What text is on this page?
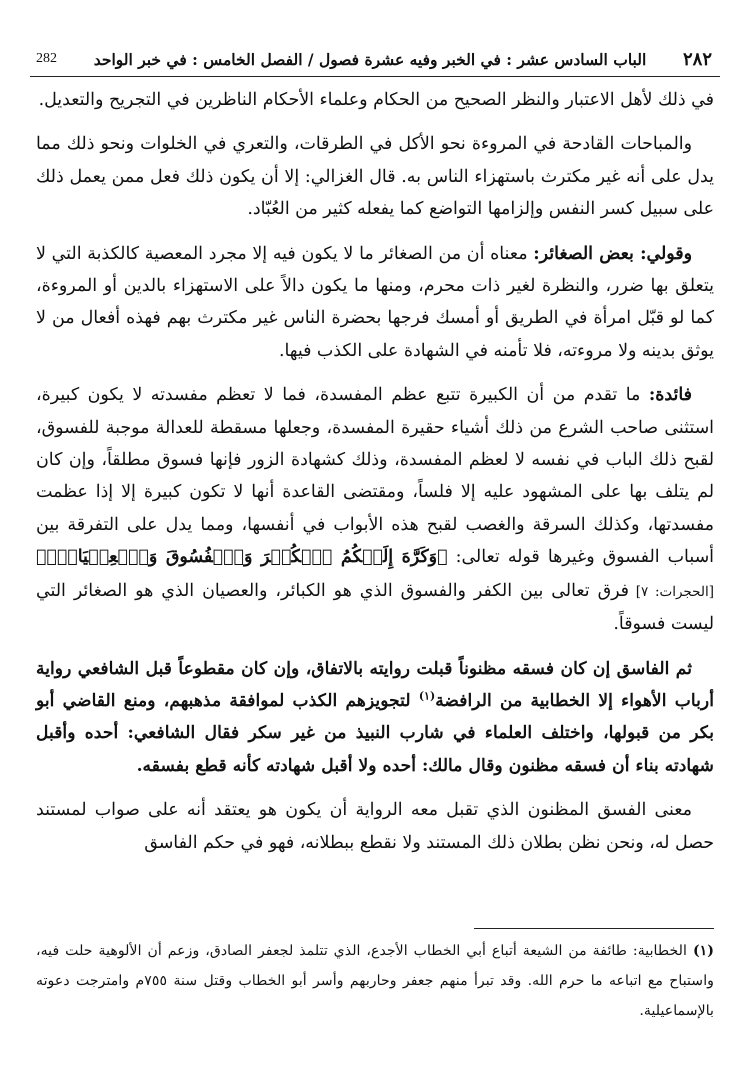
٢٨٢
الباب السادس عشر : في الخبر وفيه عشرة فصول / الفصل الخامس : في خبر الواحد
282

في ذلك لأهل الاعتبار والنظر الصحيح من الحكام وعلماء الأحكام الناظرين في التجريح والتعديل.

والمباحات القادحة في المروءة نحو الأكل في الطرقات، والتعري في الخلوات ونحو ذلك مما يدل على أنه غير مكترث باستهزاء الناس به. قال الغزالي: إلا أن يكون ذلك فعل ممن يعمل ذلك على سبيل كسر النفس وإلزامها التواضع كما يفعله كثير من العُبّاد.

وقولي: بعض الصغائر: معناه أن من الصغائر ما لا يكون فيه إلا مجرد المعصية كالكذبة التي لا يتعلق بها ضرر، والنظرة لغير ذات محرم، ومنها ما يكون دالاً على الاستهزاء بالدين أو المروءة، كما لو قبّل امرأة في الطريق أو أمسك فرجها بحضرة الناس غير مكترث بهم فهذه أفعال من لا يوثق بدينه ولا مروءته، فلا تأمنه في الشهادة على الكذب فيها.

فائدة: ما تقدم من أن الكبيرة تتبع عظم المفسدة، فما لا تعظم مفسدته لا يكون كبيرة، استثنى صاحب الشرع من ذلك أشياء حقيرة المفسدة، وجعلها مسقطة للعدالة موجبة للفسوق، لقبح ذلك الباب في نفسه لا لعظم المفسدة، وذلك كشهادة الزور فإنها فسوق مطلقاً، وإن كان لم يتلف بها على المشهود عليه إلا فلساً، ومقتضى القاعدة أنها لا تكون كبيرة إلا إذا عظمت مفسدتها، وكذلك السرقة والغصب لقبح هذه الأبواب في أنفسها، ومما يدل على التفرقة بين أسباب الفسوق وغيرها قوله تعالى: ﴿وَكَرَّهَ إِلَيۡكُمُ ٱلۡكُفۡرَ وَٱلۡفُسُوقَ وَٱلۡعِصۡيَانَۚ﴾ [الحجرات: ٧] فرق تعالى بين الكفر والفسوق الذي هو الكبائر، والعصيان الذي هو الصغائر التي ليست فسوقاً.

ثم الفاسق إن كان فسقه مظنوناً قبلت روايته بالاتفاق، وإن كان مقطوعاً قبل الشافعي رواية أرباب الأهواء إلا الخطابية من الرافضة$^{(١)}$ لتجويزهم الكذب لموافقة مذهبهم، ومنع القاضي أبو بكر من قبولها، واختلف العلماء في شارب النبيذ من غير سكر فقال الشافعي: أحده وأقبل شهادته بناء أن فسقه مظنون وقال مالك: أحده ولا أقبل شهادته كأنه قطع بفسقه.

معنى الفسق المظنون الذي تقبل معه الرواية أن يكون هو يعتقد أنه على صواب لمستند حصل له، ونحن نظن بطلان ذلك المستند ولا نقطع ببطلانه، فهو في حكم الفاسق

(١)الخطابية: طائفة من الشيعة أتباع أبي الخطاب الأجدع، الذي تتلمذ لجعفر الصادق، وزعم أن الألوهية حلت فيه، واستباح مع اتباعه ما حرم الله. وقد تبرأ منهم جعفر وحاربهم وأسر أبو الخطاب وقتل سنة ٧٥٥م وامترجت دعوته بالإسماعيلية.
